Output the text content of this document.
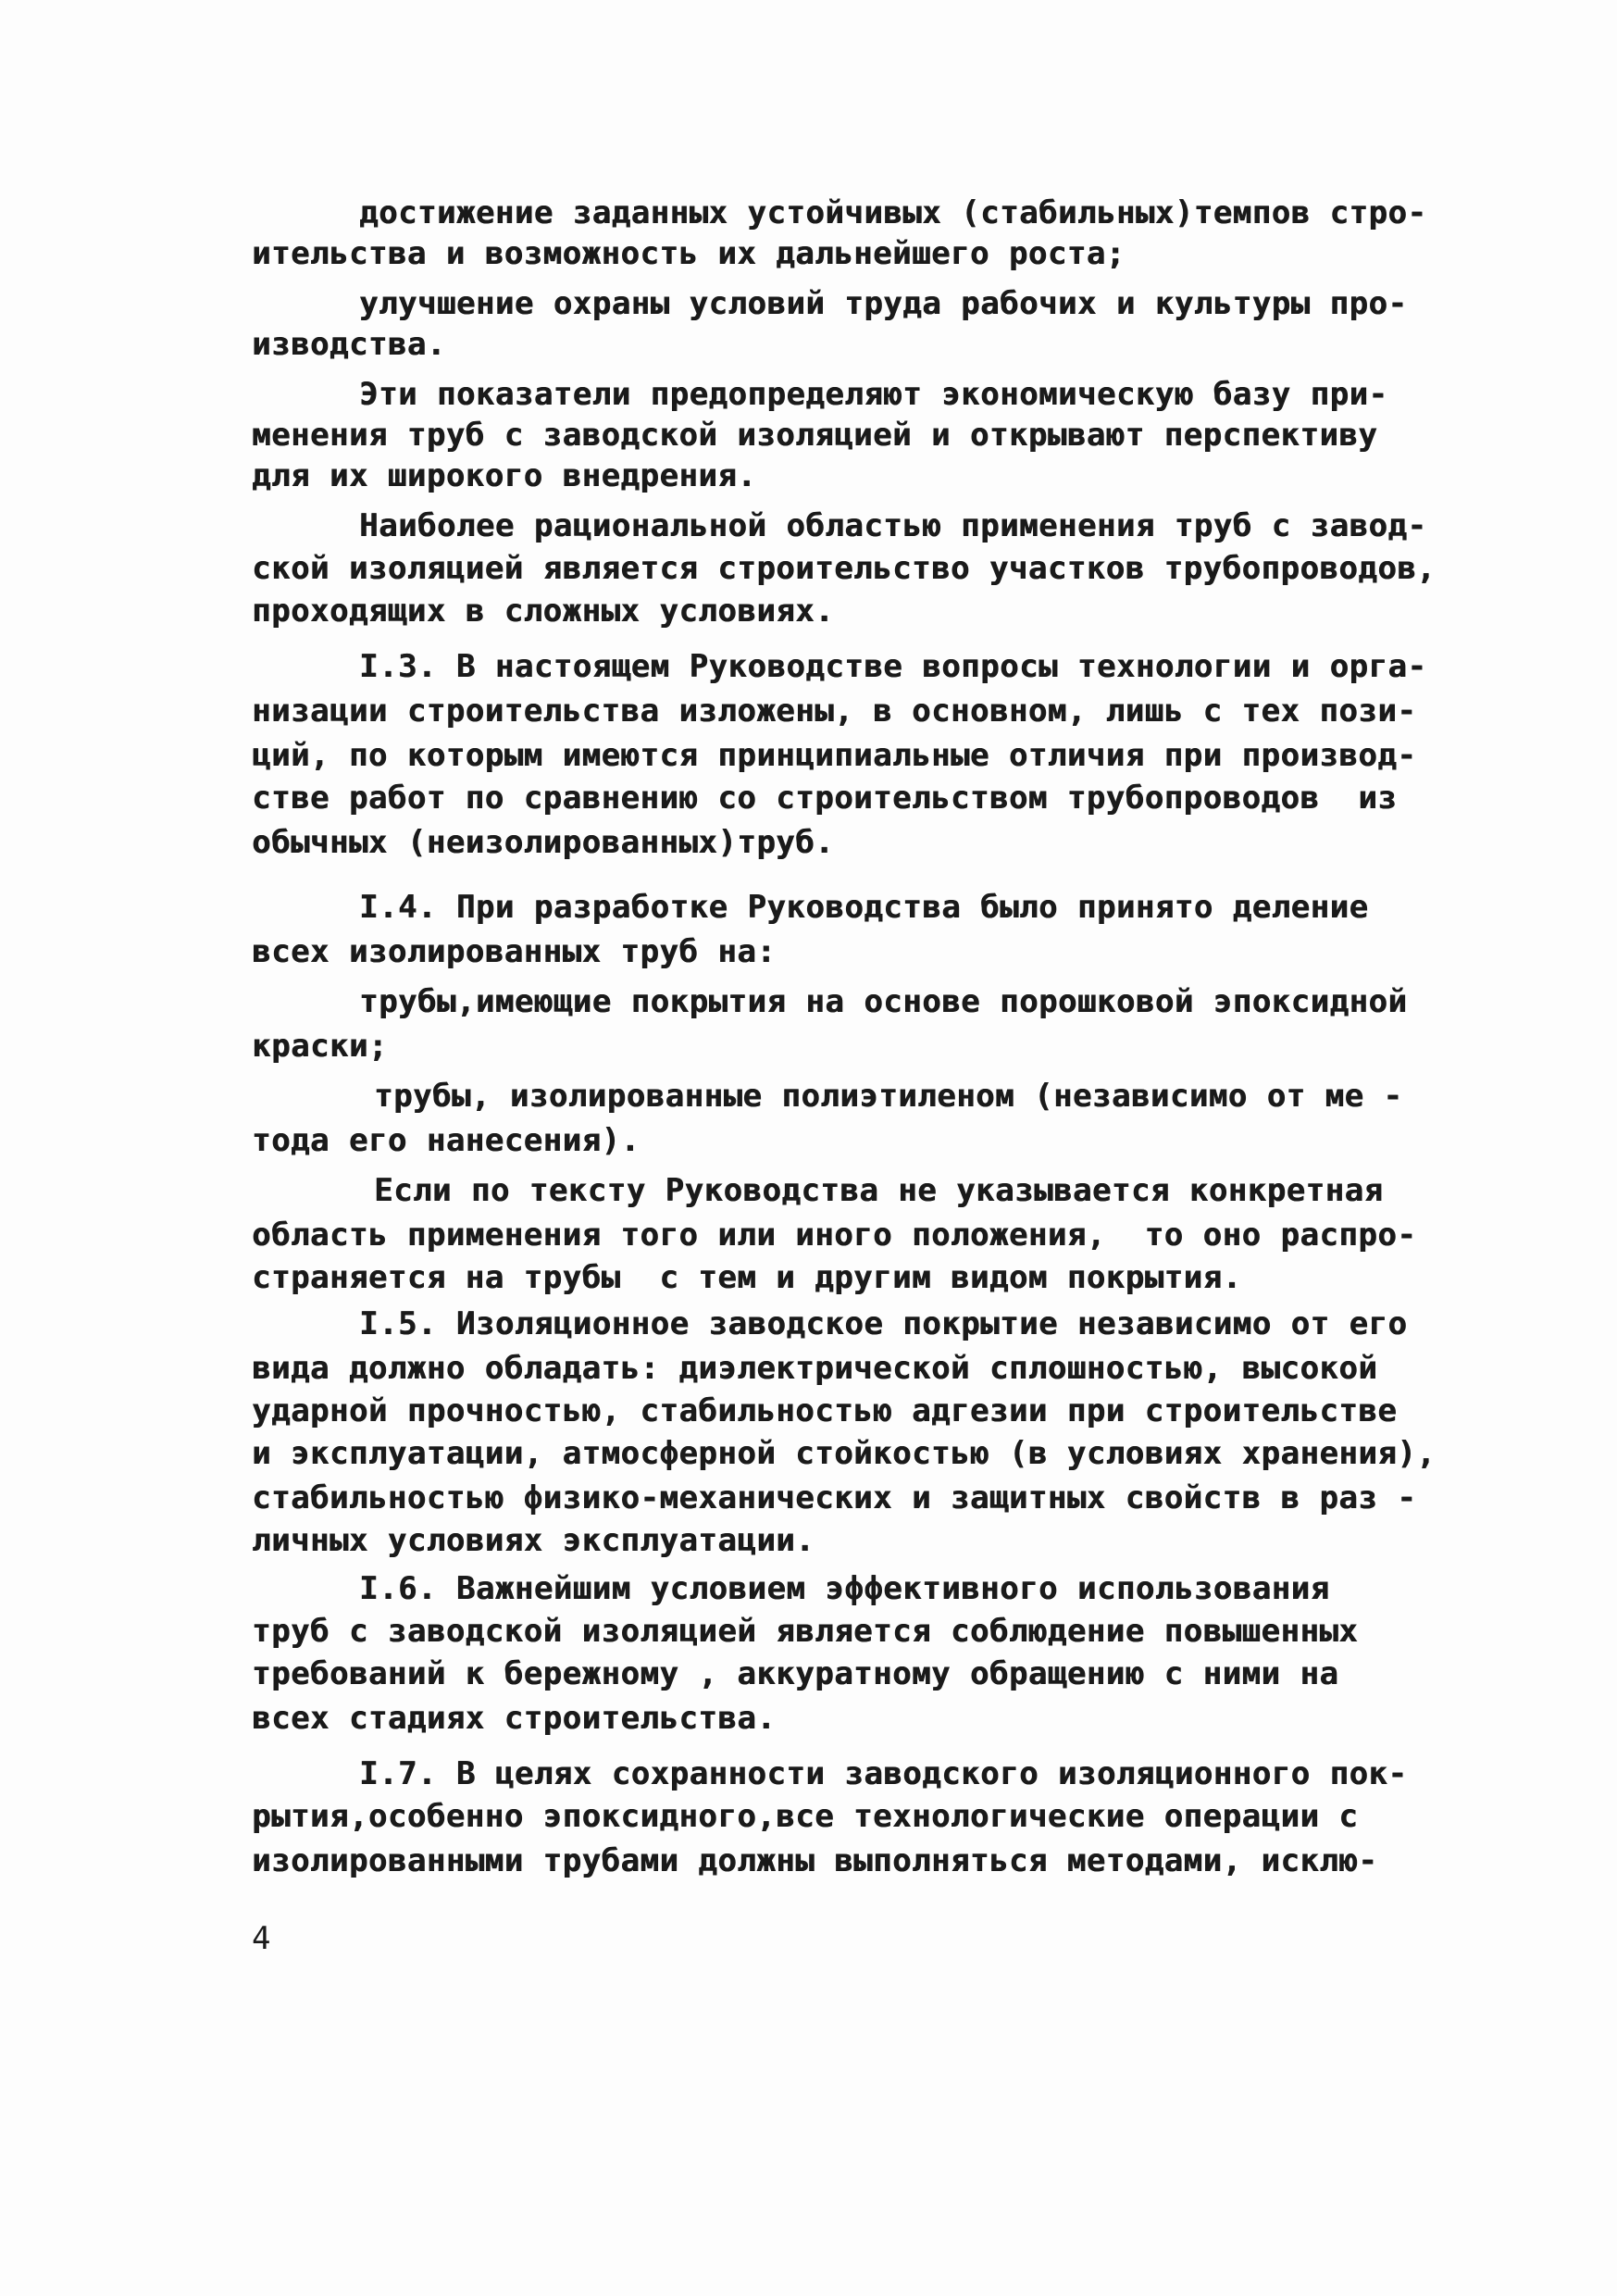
достижение заданных устойчивых (стабильных)темпов стро-
ительства и возможность их дальнейшего роста;
улучшение охраны условий труда рабочих и культуры про-
изводства.
Эти показатели предопределяют экономическую базу при-
менения труб с заводской изоляцией и открывают перспективу
для их широкого внедрения.
Наиболее рациональной областью применения труб с завод-
ской изоляцией является строительство участков трубопроводов,
проходящих в сложных условиях.
I.3. В настоящем Руководстве вопросы технологии и орга-
низации строительства изложены, в основном, лишь с тех пози-
ций, по которым имеются принципиальные отличия при производ-
стве работ по сравнению со строительством трубопроводов  из
обычных (неизолированных)труб.
I.4. При разработке Руководства было принято деление
всех изолированных труб на:
трубы,имеющие покрытия на основе порошковой эпоксидной
краски;
трубы, изолированные полиэтиленом (независимо от ме -
тода его нанесения).
Если по тексту Руководства не указывается конкретная
область применения того или иного положения,  то оно распро-
страняется на трубы  с тем и другим видом покрытия.
I.5. Изоляционное заводское покрытие независимо от его
вида должно обладать: диэлектрической сплошностью, высокой
ударной прочностью, стабильностью адгезии при строительстве
и эксплуатации, атмосферной стойкостью (в условиях хранения),
стабильностью физико-механических и защитных свойств в раз -
личных условиях эксплуатации.
I.6. Важнейшим условием эффективного использования
труб с заводской изоляцией является соблюдение повышенных
требований к бережному , аккуратному обращению с ними на
всех стадиях строительства.
I.7. В целях сохранности заводского изоляционного пок-
рытия,особенно эпоксидного,все технологические операции с
изолированными трубами должны выполняться методами, исклю-
4
